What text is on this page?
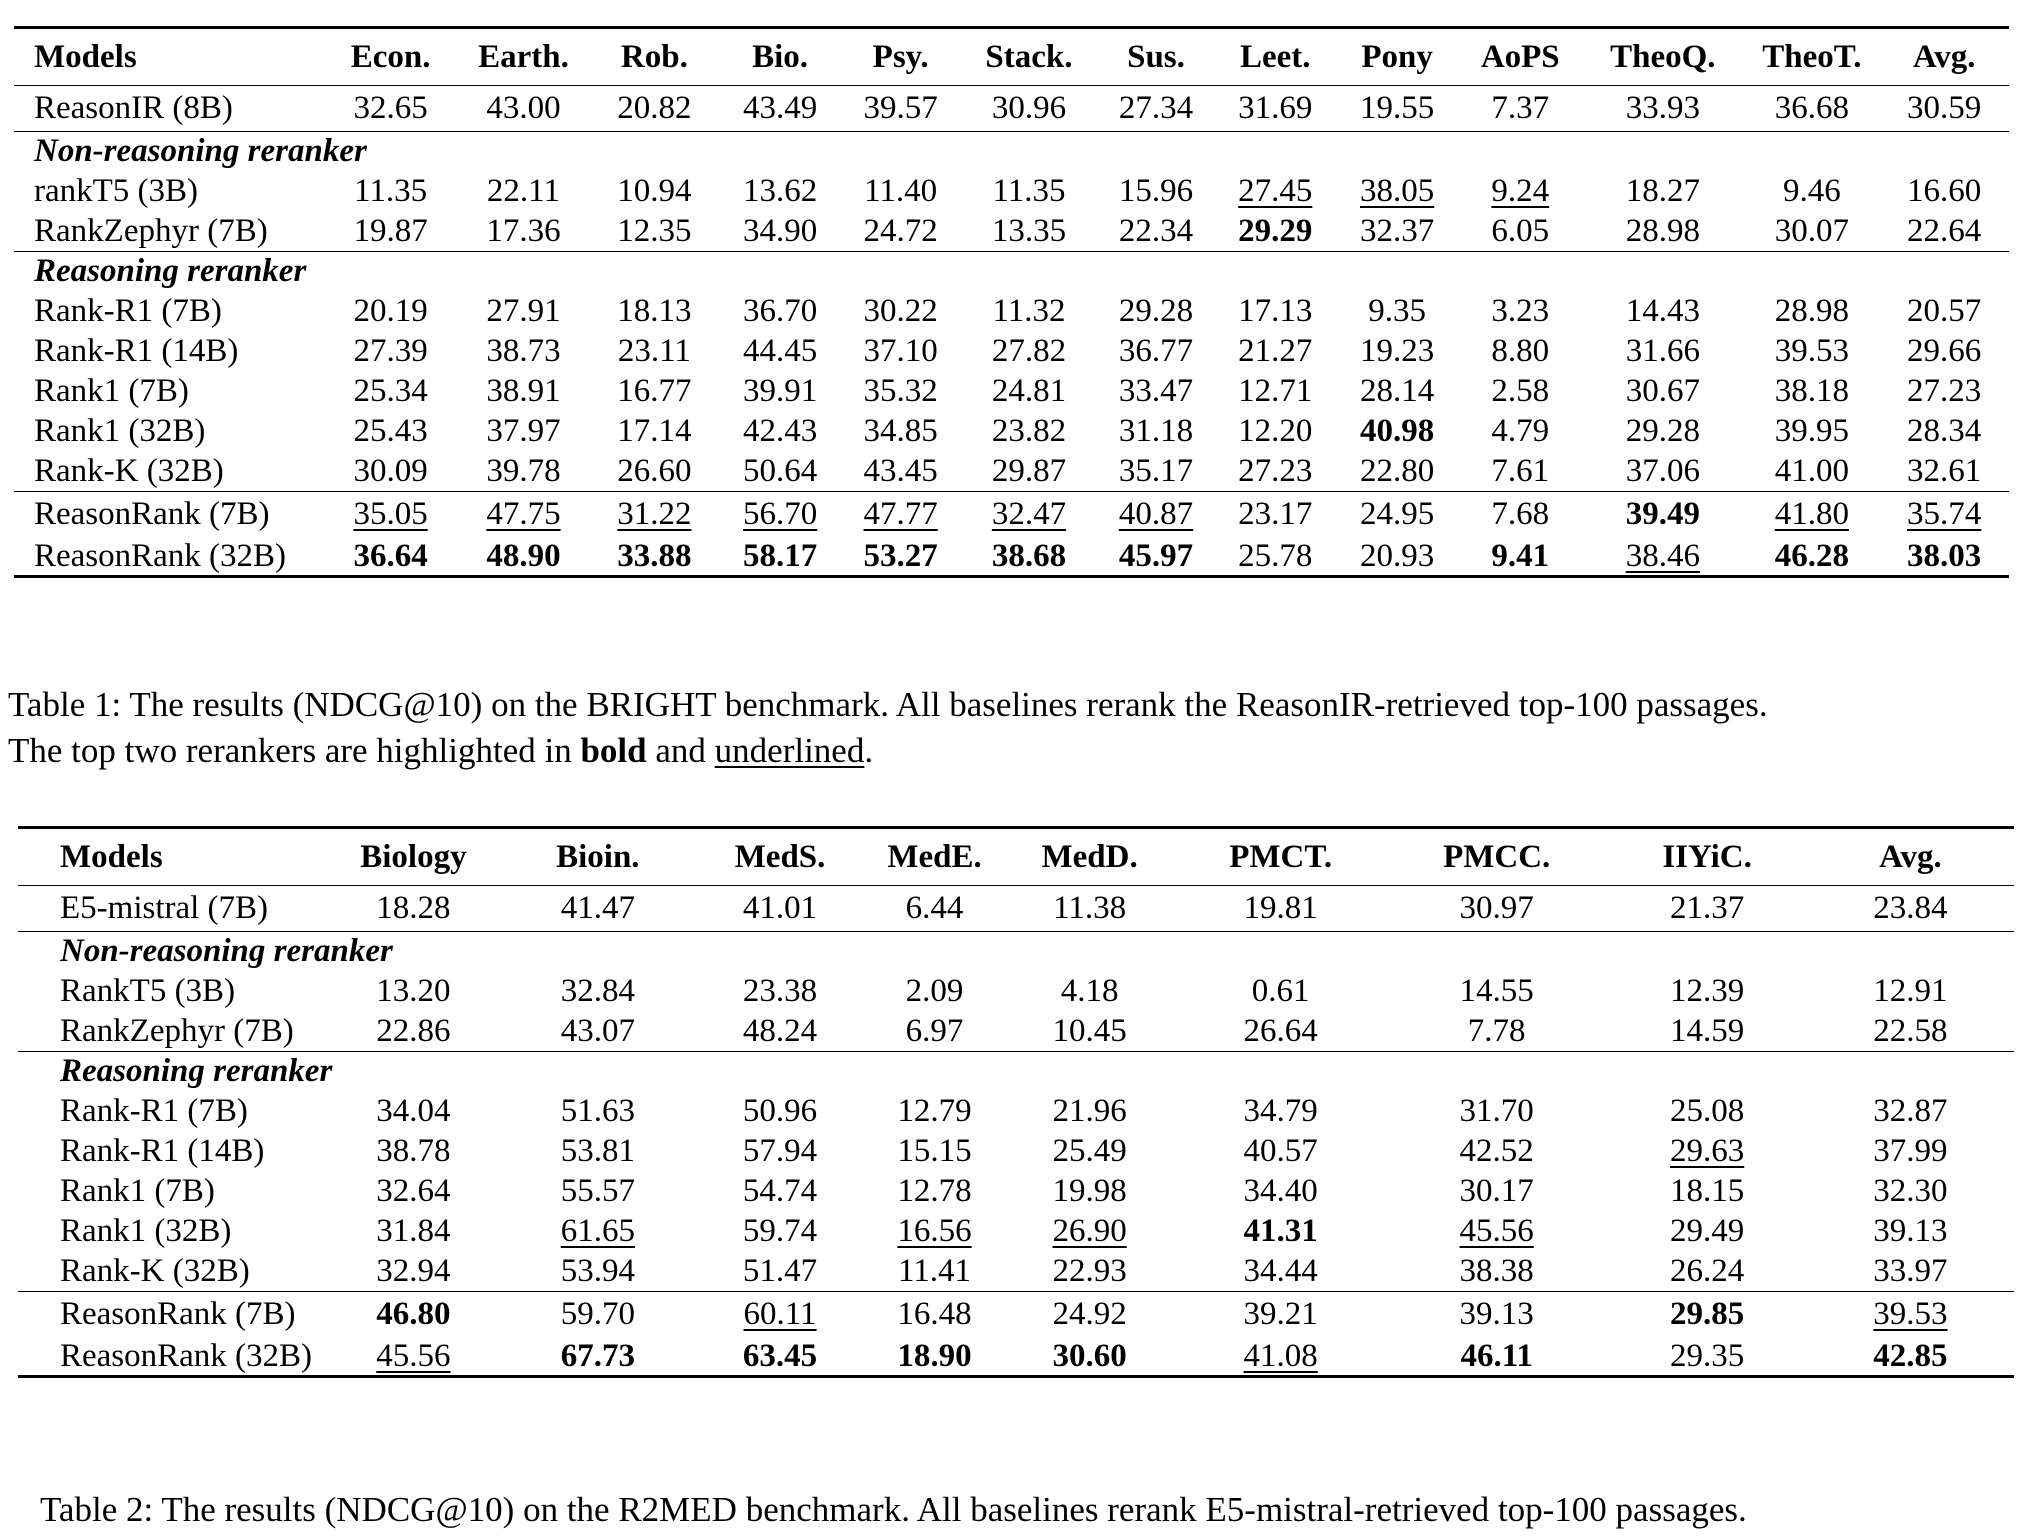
Models	Econ.	Earth.	Rob.	Bio.	Psy.	Stack.	Sus.	Leet.	Pony	AoPS	TheoQ.	TheoT.	Avg.
ReasonIR (8B)	32.65	43.00	20.82	43.49	39.57	30.96	27.34	31.69	19.55	7.37	33.93	36.68	30.59
Non-reasoning reranker													
rankT5 (3B)	11.35	22.11	10.94	13.62	11.40	11.35	15.96	27.45	38.05	9.24	18.27	9.46	16.60
RankZephyr (7B)	19.87	17.36	12.35	34.90	24.72	13.35	22.34	29.29	32.37	6.05	28.98	30.07	22.64
Reasoning reranker													
Rank-R1 (7B)	20.19	27.91	18.13	36.70	30.22	11.32	29.28	17.13	9.35	3.23	14.43	28.98	20.57
Rank-R1 (14B)	27.39	38.73	23.11	44.45	37.10	27.82	36.77	21.27	19.23	8.80	31.66	39.53	29.66
Rank1 (7B)	25.34	38.91	16.77	39.91	35.32	24.81	33.47	12.71	28.14	2.58	30.67	38.18	27.23
Rank1 (32B)	25.43	37.97	17.14	42.43	34.85	23.82	31.18	12.20	40.98	4.79	29.28	39.95	28.34
Rank-K (32B)	30.09	39.78	26.60	50.64	43.45	29.87	35.17	27.23	22.80	7.61	37.06	41.00	32.61
ReasonRank (7B)	35.05	47.75	31.22	56.70	47.77	32.47	40.87	23.17	24.95	7.68	39.49	41.80	35.74
ReasonRank (32B)	36.64	48.90	33.88	58.17	53.27	38.68	45.97	25.78	20.93	9.41	38.46	46.28	38.03
Table 1: The results (NDCG@10) on the BRIGHT benchmark. All baselines rerank the ReasonIR-retrieved top-100 passages.
The top two rerankers are highlighted in bold and underlined.
Models	Biology	Bioin.	MedS.	MedE.	MedD.	PMCT.	PMCC.	IIYiC.	Avg.
E5-mistral (7B)	18.28	41.47	41.01	6.44	11.38	19.81	30.97	21.37	23.84
Non-reasoning reranker									
RankT5 (3B)	13.20	32.84	23.38	2.09	4.18	0.61	14.55	12.39	12.91
RankZephyr (7B)	22.86	43.07	48.24	6.97	10.45	26.64	7.78	14.59	22.58
Reasoning reranker									
Rank-R1 (7B)	34.04	51.63	50.96	12.79	21.96	34.79	31.70	25.08	32.87
Rank-R1 (14B)	38.78	53.81	57.94	15.15	25.49	40.57	42.52	29.63	37.99
Rank1 (7B)	32.64	55.57	54.74	12.78	19.98	34.40	30.17	18.15	32.30
Rank1 (32B)	31.84	61.65	59.74	16.56	26.90	41.31	45.56	29.49	39.13
Rank-K (32B)	32.94	53.94	51.47	11.41	22.93	34.44	38.38	26.24	33.97
ReasonRank (7B)	46.80	59.70	60.11	16.48	24.92	39.21	39.13	29.85	39.53
ReasonRank (32B)	45.56	67.73	63.45	18.90	30.60	41.08	46.11	29.35	42.85
Table 2: The results (NDCG@10) on the R2MED benchmark. All baselines rerank E5-mistral-retrieved top-100 passages.
